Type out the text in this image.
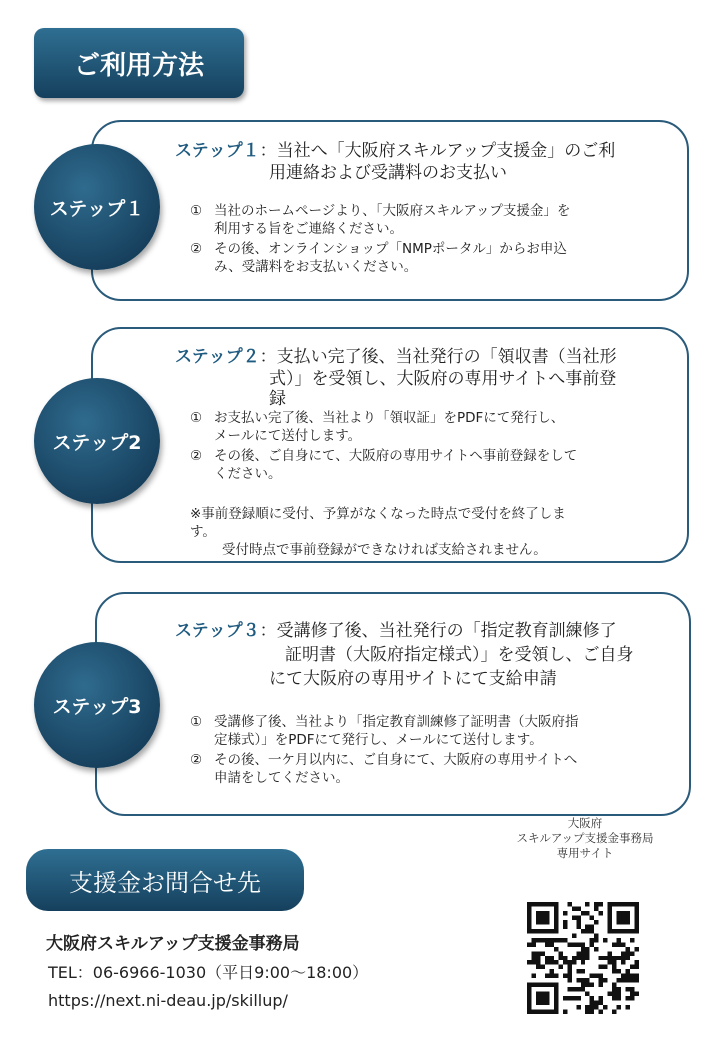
ご利用方法
ステップ１
ステップ１ ：当社へ「大阪府スキルアップ支援金」のご利
用連絡および受講料のお支払い
① 当社のホームページより、「大阪府スキルアップ支援金」を
利用する旨をご連絡ください。
② その後、オンラインショップ「NMPポータル」からお申込
み、受講料をお支払いください。
ステップ2
ステップ２ ：支払い完了後、当社発行の「領収書（当社形
式）」を受領し、大阪府の専用サイトへ事前登
録
① お支払い完了後、当社より「領収証」をPDFにて発行し、
メールにて送付します。
② その後、ご自身にて、大阪府の専用サイトへ事前登録をして
ください。
※事前登録順に受付、予算がなくなった時点で受付を終了しま
す。
受付時点で事前登録ができなければ支給されません。
ステップ3
ステップ３ ：受講修了後、当社発行の「指定教育訓練修了
証明書（大阪府指定様式）」を受領し、ご自身
にて大阪府の専用サイトにて支給申請
① 受講修了後、当社より「指定教育訓練修了証明書（大阪府指
定様式）」をPDFにて発行し、メールにて送付します。
② その後、一ケ月以内に、ご自身にて、大阪府の専用サイトへ
申請をしてください。
支援金お問合せ先
大阪府スキルアップ支援金事務局
TEL：06-6966-1030（平日9:00～18:00）
https://next.ni-deau.jp/skillup/
大阪府
スキルアップ支援金事務局
専用サイト
